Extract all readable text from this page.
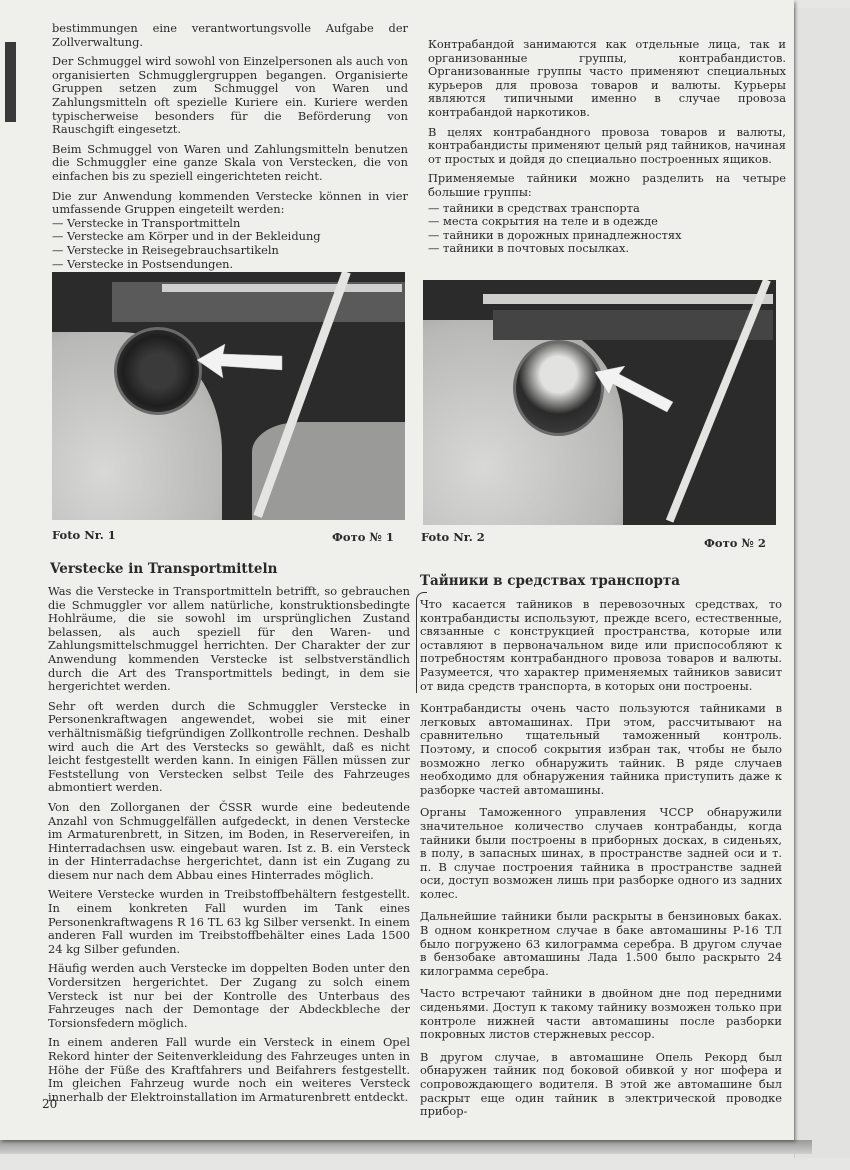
bestimmungen eine verantwortungsvolle Aufgabe der Zollverwaltung.

Der Schmuggel wird sowohl von Einzelpersonen als auch von organisierten Schmugglergruppen begangen. Organisierte Gruppen setzen zum Schmuggel von Waren und Zahlungsmitteln oft spezielle Kuriere ein. Kuriere werden typischerweise besonders für die Beförderung von Rauschgift eingesetzt.

Beim Schmuggel von Waren und Zahlungsmitteln benutzen die Schmuggler eine ganze Skala von Verstecken, die von einfachen bis zu speziell eingerichteten reicht.

Die zur Anwendung kommenden Verstecke können in vier umfassende Gruppen eingeteilt werden:

— Verstecke in Transportmitteln
— Verstecke am Körper und in der Bekleidung
— Verstecke in Reisegebrauchsartikeln
— Verstecke in Postsendungen.

Контрабандой занимаются как отдельные лица, так и организованные группы, контрабандистов. Организованные группы часто применяют специальных курьеров для провоза товаров и валюты. Курьеры являются типичными именно в случае провоза контрабандой наркотиков.

В целях контрабандного провоза товаров и валюты, контрабандисты применяют целый ряд тайников, начиная от простых и дойдя до специально построенных ящиков.

Применяемые тайники можно разделить на четыре большие группы:

— тайники в средствах транспорта
— места сокрытия на теле и в одежде
— тайники в дорожных принадлежностях
— тайники в почтовых посылках.
Foto Nr. 1	Фото № 1 Foto Nr. 2	Фото № 2
Verstecke in Transportmitteln

Was die Verstecke in Transportmitteln betrifft, so gebrauchen die Schmuggler vor allem natürliche, konstruktionsbedingte Hohlräume, die sie sowohl im ursprünglichen Zustand belassen, als auch speziell für den Waren- und Zahlungsmittelschmuggel herrichten. Der Charakter der zur Anwendung kommenden Verstecke ist selbstverständlich durch die Art des Transportmittels bedingt, in dem sie hergerichtet werden.

Sehr oft werden durch die Schmuggler Verstecke in Personenkraftwagen angewendet, wobei sie mit einer verhältnismäßig tiefgründigen Zollkontrolle rechnen. Deshalb wird auch die Art des Verstecks so gewählt, daß es nicht leicht festgestellt werden kann. In einigen Fällen müssen zur Feststellung von Verstecken selbst Teile des Fahrzeuges abmontiert werden.

Von den Zollorganen der ČSSR wurde eine bedeutende Anzahl von Schmuggelfällen aufgedeckt, in denen Verstecke im Armaturenbrett, in Sitzen, im Boden, in Reservereifen, in Hinterradachsen usw. eingebaut waren. Ist z. B. ein Versteck in der Hinterradachse hergerichtet, dann ist ein Zugang zu diesem nur nach dem Abbau eines Hinterrades möglich.

Weitere Verstecke wurden in Treibstoffbehältern festgestellt. In einem konkreten Fall wurden im Tank eines Personenkraftwagens R 16 TL 63 kg Silber versenkt. In einem anderen Fall wurden im Treibstoffbehälter eines Lada 1500 24 kg Silber gefunden.

Häufig werden auch Verstecke im doppelten Boden unter den Vordersitzen hergerichtet. Der Zugang zu solch einem Versteck ist nur bei der Kontrolle des Unterbaus des Fahrzeuges nach der Demontage der Abdeckbleche der Torsionsfedern möglich.

In einem anderen Fall wurde ein Versteck in einem Opel Rekord hinter der Seitenverkleidung des Fahrzeuges unten in Höhe der Füße des Kraftfahrers und Beifahrers festgestellt. Im gleichen Fahrzeug wurde noch ein weiteres Versteck innerhalb der Elektroinstallation im Armaturenbrett entdeckt.

Тайники в средствах транспорта

Что касается тайников в перевозочных средствах, то контрабандисты используют, прежде всего, естественные, связанные с конструкцией пространства, которые или оставляют в первоначальном виде или приспособляют к потребностям контрабандного провоза товаров и валюты. Разумеется, что характер применяемых тайников зависит от вида средств транспорта, в которых они построены.

Контрабандисты очень часто пользуются тайниками в легковых автомашинах. При этом, рассчитывают на сравнительно тщательный таможенный контроль. Поэтому, и способ сокрытия избран так, чтобы не было возможно легко обнаружить тайник. В ряде случаев необходимо для обнаружения тайника приступить даже к разборке частей автомашины.

Органы Таможенного управления ЧССР обнаружили значительное количество случаев контрабанды, когда тайники были построены в приборных досках, в сиденьях, в полу, в запасных шинах, в пространстве задней оси и т. п. В случае построения тайника в пространстве задней оси, доступ возможен лишь при разборке одного из задних колес.

Дальнейшие тайники были раскрыты в бензиновых баках. В одном конкретном случае в баке автомашины Р-16 ТЛ было погружено 63 килограмма серебра. В другом случае в бензобаке автомашины Лада 1.500 было раскрыто 24 килограмма серебра.

Часто встречают тайники в двойном дне под передними сиденьями. Доступ к такому тайнику возможен только при контроле нижней части автомашины после разборки покровных листов стержневых рессор.

В другом случае, в автомашине Опель Рекорд был обнаружен тайник под боковой обивкой у ног шофера и сопровождающего водителя. В этой же автомашине был раскрыт еще один тайник в электрической проводке прибор-

20
